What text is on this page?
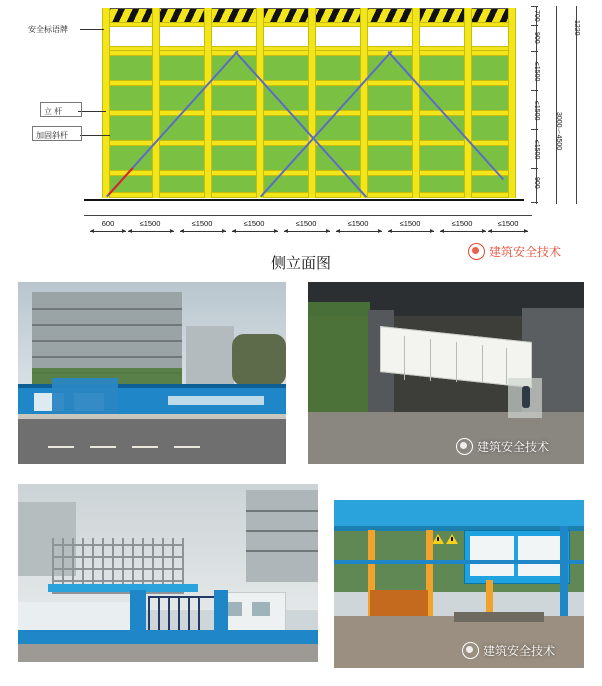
安全标语牌
立 杆
加固斜杆
700
900
≤1500
≤1500
≤1500
900
1220
3000～4500
600	≤1500	≤1500	≤1500	≤1500	≤1500	≤1500	≤1500	≤1500
建筑安全技术
侧立面图
建筑安全技术
建筑安全技术
